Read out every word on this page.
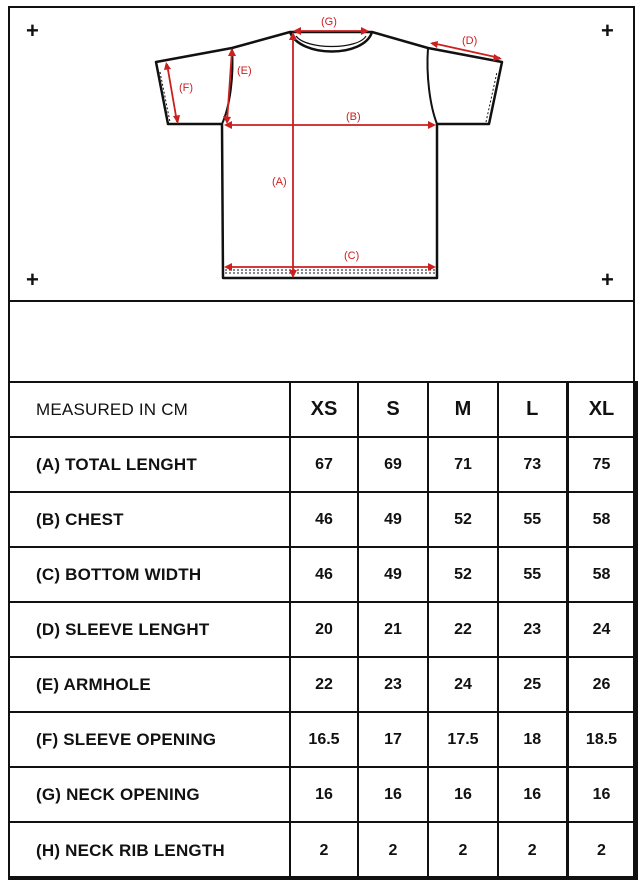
+	+
+	+
(A)
(B)
(C)
(D)
(E)
(F)
(G)
MEASURED IN CM	XS	S	M	L	XL
(A) TOTAL LENGHT	67	69	71	73	75
(B) CHEST	46	49	52	55	58
(C) BOTTOM WIDTH	46	49	52	55	58
(D) SLEEVE LENGHT	20	21	22	23	24
(E) ARMHOLE	22	23	24	25	26
(F) SLEEVE OPENING	16.5	17	17.5	18	18.5
(G) NECK OPENING	16	16	16	16	16
(H) NECK RIB LENGTH	2	2	2	2	2
